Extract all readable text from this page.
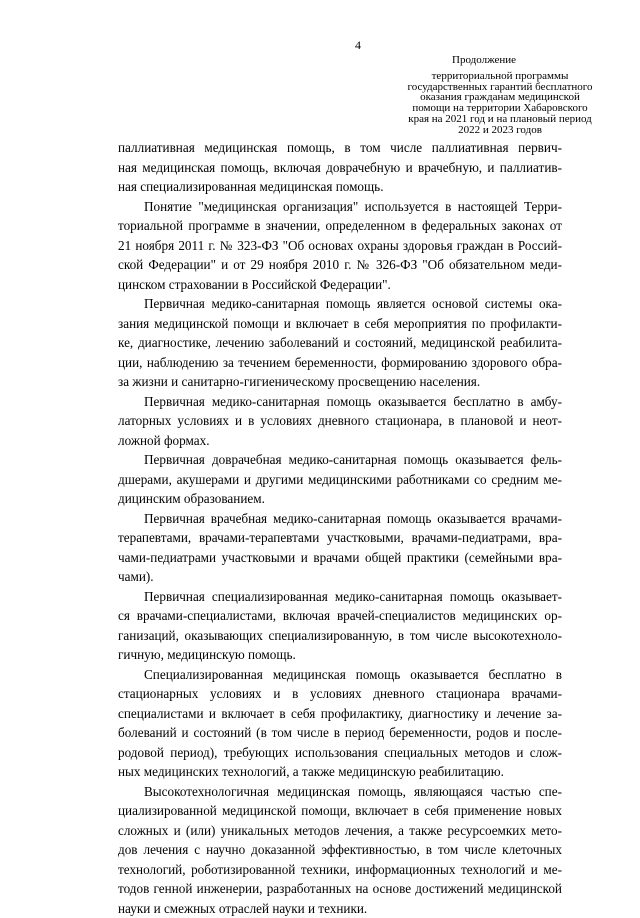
4
Продолжение
территориальной программы
государственных гарантий бесплатного
оказания гражданам медицинской
помощи на территории Хабаровского
края на 2021 год и на плановый период
2022 и 2023 годов
паллиативная медицинская помощь, в том числе паллиативная первич-
ная медицинская помощь, включая доврачебную и врачебную, и паллиатив-
ная специализированная медицинская помощь.
Понятие "медицинская организация" используется в настоящей Терри-
ториальной программе в значении, определенном в федеральных законах от
21 ноября 2011 г. № 323-ФЗ "Об основах охраны здоровья граждан в Россий-
ской Федерации" и от 29 ноября 2010 г. № 326-ФЗ "Об обязательном меди-
цинском страховании в Российской Федерации".
Первичная медико-санитарная помощь является основой системы ока-
зания медицинской помощи и включает в себя мероприятия по профилакти-
ке, диагностике, лечению заболеваний и состояний, медицинской реабилита-
ции, наблюдению за течением беременности, формированию здорового обра-
за жизни и санитарно-гигиеническому просвещению населения.
Первичная медико-санитарная помощь оказывается бесплатно в амбу-
латорных условиях и в условиях дневного стационара, в плановой и неот-
ложной формах.
Первичная доврачебная медико-санитарная помощь оказывается фель-
дшерами, акушерами и другими медицинскими работниками со средним ме-
дицинским образованием.
Первичная врачебная медико-санитарная помощь оказывается врачами-
терапевтами, врачами-терапевтами участковыми, врачами-педиатрами, вра-
чами-педиатрами участковыми и врачами общей практики (семейными вра-
чами).
Первичная специализированная медико-санитарная помощь оказывает-
ся врачами-специалистами, включая врачей-специалистов медицинских ор-
ганизаций, оказывающих специализированную, в том числе высокотехноло-
гичную, медицинскую помощь.
Специализированная медицинская помощь оказывается бесплатно в
стационарных условиях и в условиях дневного стационара врачами-
специалистами и включает в себя профилактику, диагностику и лечение за-
болеваний и состояний (в том числе в период беременности, родов и после-
родовой период), требующих использования специальных методов и слож-
ных медицинских технологий, а также медицинскую реабилитацию.
Высокотехнологичная медицинская помощь, являющаяся частью спе-
циализированной медицинской помощи, включает в себя применение новых
сложных и (или) уникальных методов лечения, а также ресурсоемких мето-
дов лечения с научно доказанной эффективностью, в том числе клеточных
технологий, роботизированной техники, информационных технологий и ме-
тодов генной инженерии, разработанных на основе достижений медицинской
науки и смежных отраслей науки и техники.
